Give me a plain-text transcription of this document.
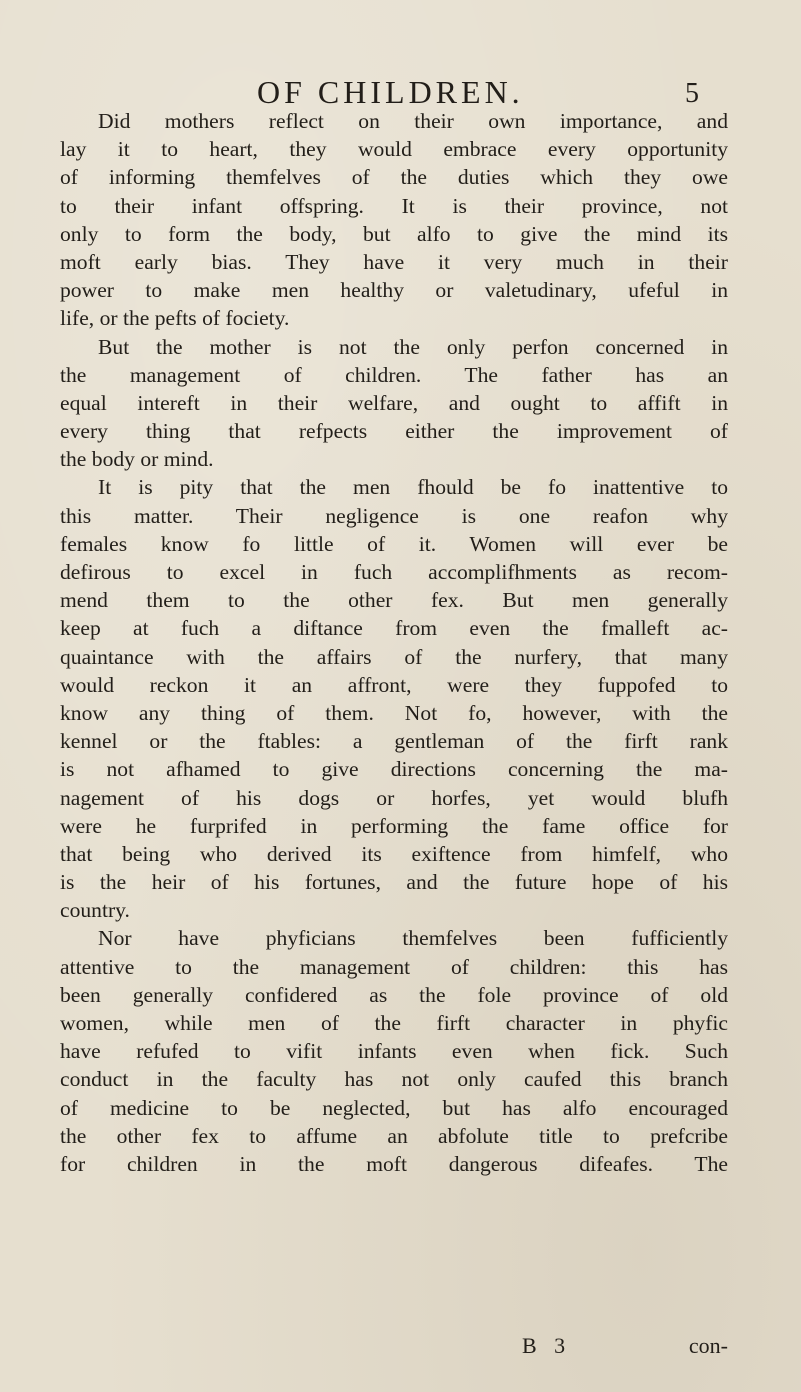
OF CHILDREN.	5
Did mothers reflect on their own importance, and
lay it to heart, they would embrace every opportunity
of informing themfelves of the duties which they owe
to their infant offspring. It is their province, not
only to form the body, but alfo to give the mind its
moft early bias. They have it very much in their
power to make men healthy or valetudinary, ufeful in
life, or the pefts of fociety.
But the mother is not the only perfon concerned in
the management of children. The father has an
equal intereft in their welfare, and ought to affift in
every thing that refpects either the improvement of
the body or mind.
It is pity that the men fhould be fo inattentive to
this matter. Their negligence is one reafon why
females know fo little of it. Women will ever be
defirous to excel in fuch accomplifhments as recom-
mend them to the other fex. But men generally
keep at fuch a diftance from even the fmalleft ac-
quaintance with the affairs of the nurfery, that many
would reckon it an affront, were they fuppofed to
know any thing of them. Not fo, however, with the
kennel or the ftables: a gentleman of the firft rank
is not afhamed to give directions concerning the ma-
nagement of his dogs or horfes, yet would blufh
were he furprifed in performing the fame office for
that being who derived its exiftence from himfelf, who
is the heir of his fortunes, and the future hope of his
country.
Nor have phyficians themfelves been fufficiently
attentive to the management of children: this has
been generally confidered as the fole province of old
women, while men of the firft character in phyfic
have refufed to vifit infants even when fick. Such
conduct in the faculty has not only caufed this branch
of medicine to be neglected, but has alfo encouraged
the other fex to affume an abfolute title to prefcribe
for children in the moft dangerous difeafes. The
B 3	con-
